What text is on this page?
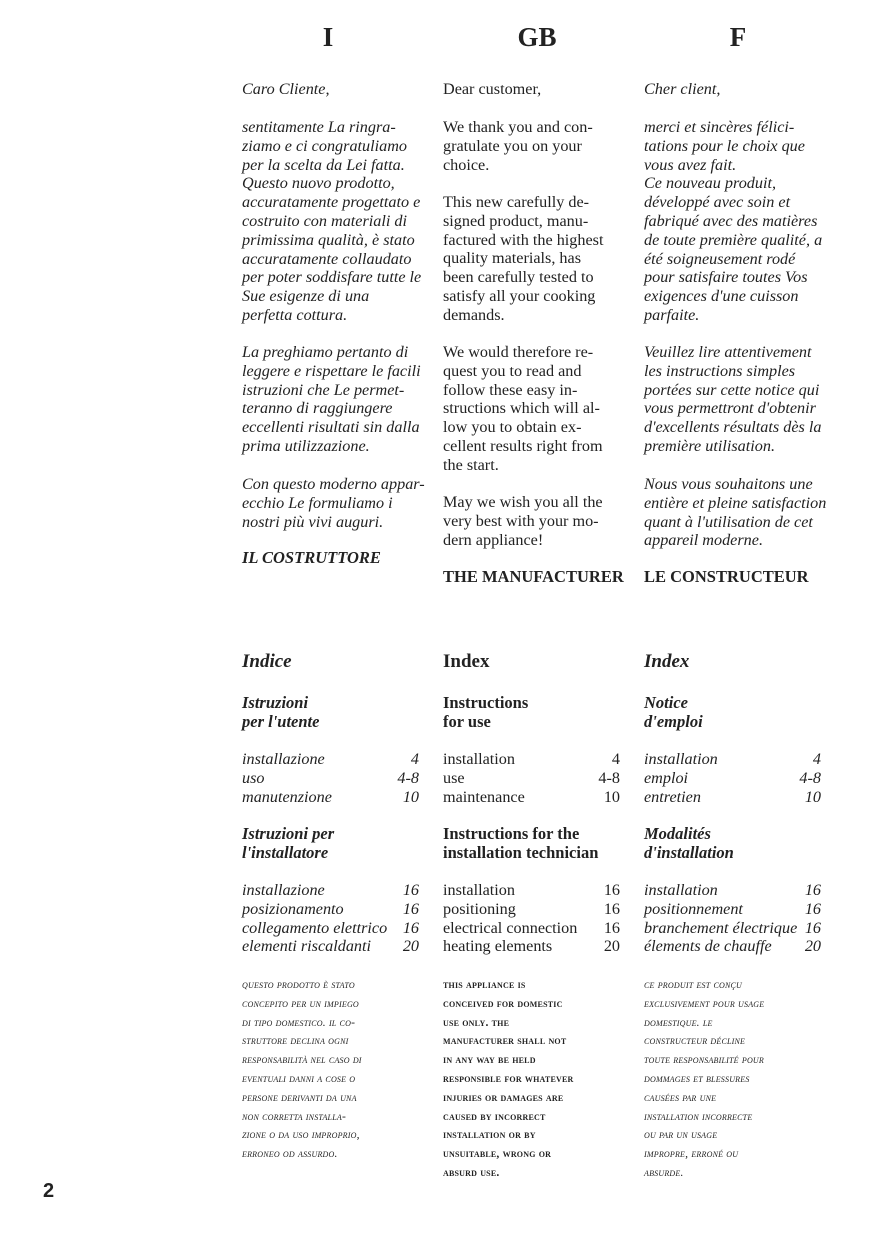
I
Caro Cliente,
sentitamente La ringra-
ziamo e ci congratuliamo
per la scelta da Lei fatta.
Questo nuovo prodotto,
accuratamente progettato e
costruito con materiali di
primissima qualità, è stato
accuratamente collaudato
per poter soddisfare tutte le
Sue esigenze di una
perfetta cottura.
La preghiamo pertanto di
leggere e rispettare le facili
istruzioni che Le permet-
teranno di raggiungere
eccellenti risultati sin dalla
prima utilizzazione.
Con questo moderno appar-
ecchio Le formuliamo i
nostri più vivi auguri.
IL COSTRUTTORE
Indice
Istruzioni
per l'utente
installazione	4
uso	4-8
manutenzione	10
Istruzioni per
l'installatore
installazione	16
posizionamento	16
collegamento elettrico 16
elementi riscaldanti 20
questo prodotto è stato
concepito per un impiego
di tipo domestico. il co-
struttore declina ogni
responsabilità nel caso di
eventuali danni a cose o
persone derivanti da una
non corretta installa-
zione o da uso improprio,
erroneo od assurdo.
GB
Dear customer,
We thank you and con-
gratulate you on your
choice.
This new carefully de-
signed product, manu-
factured with the highest
quality materials, has
been carefully tested to
satisfy all your cooking
demands.
We would therefore re-
quest you to read and
follow these easy in-
structions which will al-
low you to obtain ex-
cellent results right from
the start.
May we wish you all the
very best with your mo-
dern appliance!
THE MANUFACTURER
Index
Instructions
for use
installation	4
use	4-8
maintenance	10
Instructions for the
installation technician
installation	16
positioning	16
electrical connection 16
heating elements	20
this appliance is
conceived for domestic
use only. the
manufacturer shall not
in any way be held
responsible for whatever
injuries or damages are
caused by incorrect
installation or by
unsuitable, wrong or
absurd use.
F
Cher client,
merci et sincères félici-
tations pour le choix que
vous avez fait.
Ce nouveau produit,
développé avec soin et
fabriqué avec des matières
de toute première qualité, a
été soigneusement rodé
pour satisfaire toutes Vos
exigences d'une cuisson
parfaite.
Veuillez lire attentivement
les instructions simples
portées sur cette notice qui
vous permettront d'obtenir
d'excellents résultats dès la
première utilisation.
Nous vous souhaitons une
entière et pleine satisfaction
quant à l'utilisation de cet
appareil moderne.
LE CONSTRUCTEUR
Index
Notice
d'emploi
installation	4
emploi	4-8
entretien	10
Modalités
d'installation
installation	16
positionnement	16
branchement électrique 16
élements de chauffe 20
ce produit est conçu
exclusivement pour usage
domestique. le
constructeur décline
toute responsabilité pour
dommages et blessures
causées par une
installation incorrecte
ou par un usage
impropre, erroné ou
absurde.
2
